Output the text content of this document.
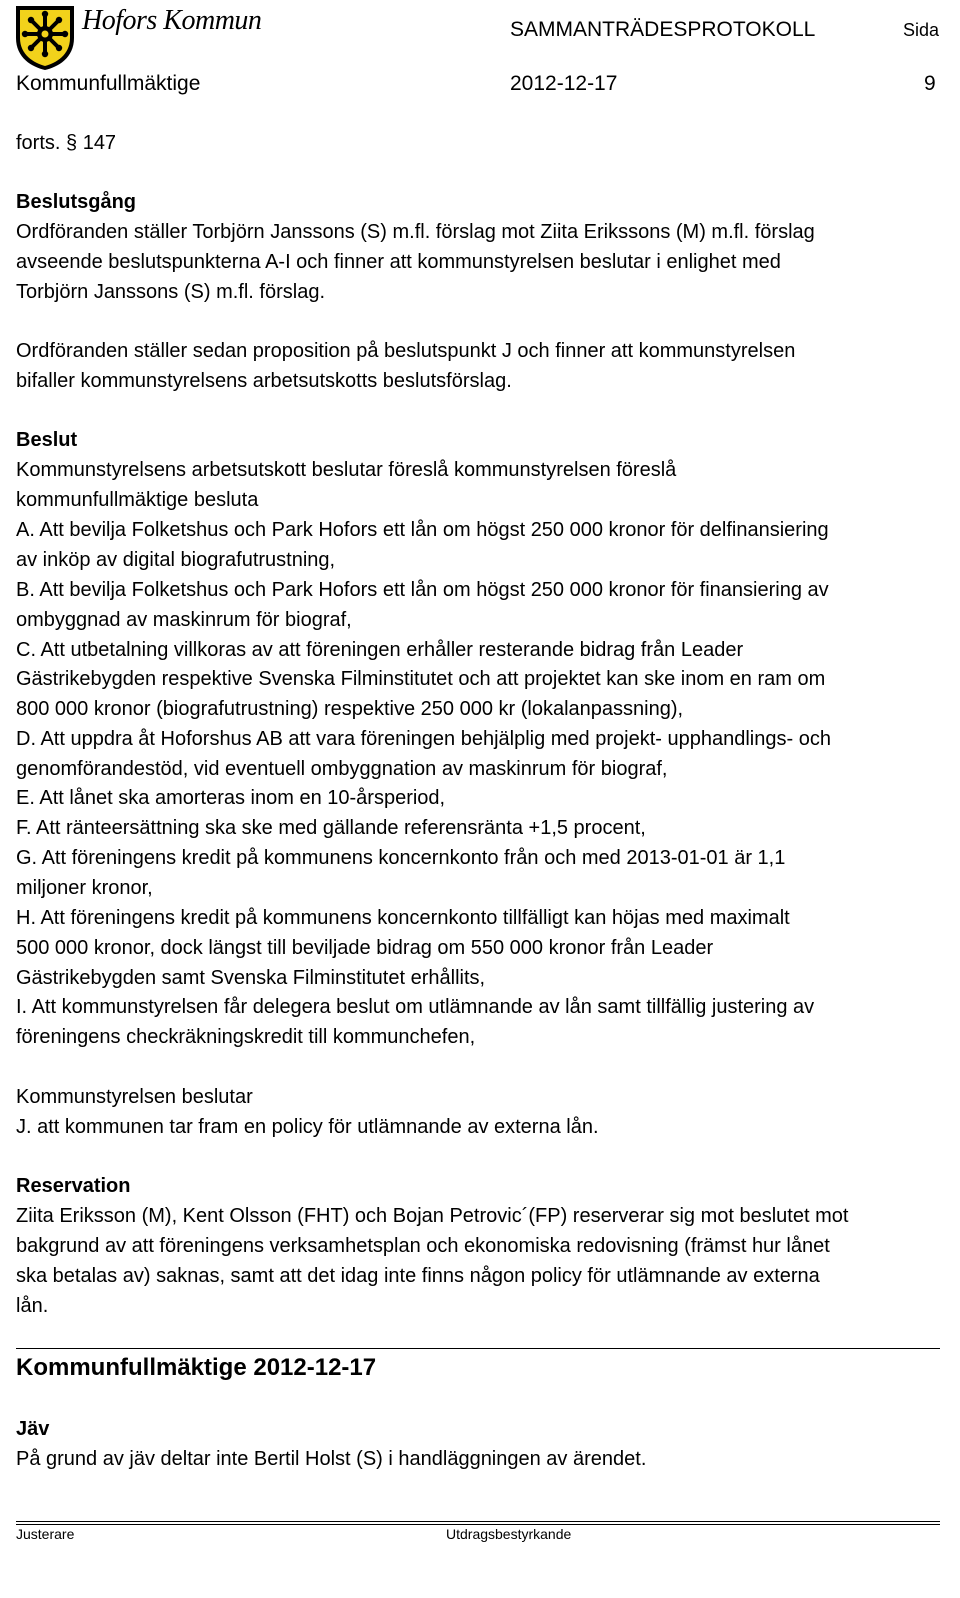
Hofors Kommun	SAMMANTRÄDESPROTOKOLL	Sida
Kommunfullmäktige	2012-12-17	9
forts. § 147
Beslutsgång
Ordföranden ställer Torbjörn Janssons (S) m.fl. förslag mot Ziita Erikssons (M) m.fl. förslag
avseende beslutspunkterna A-I och finner att kommunstyrelsen beslutar i enlighet med
Torbjörn Janssons (S) m.fl. förslag.
Ordföranden ställer sedan proposition på beslutspunkt J och finner att kommunstyrelsen
bifaller kommunstyrelsens arbetsutskotts beslutsförslag.
Beslut
Kommunstyrelsens arbetsutskott beslutar föreslå kommunstyrelsen föreslå
kommunfullmäktige besluta
A. Att bevilja Folketshus och Park Hofors ett lån om högst 250 000 kronor för delfinansiering
av inköp av digital biografutrustning,
B. Att bevilja Folketshus och Park Hofors ett lån om högst 250 000 kronor för finansiering av
ombyggnad av maskinrum för biograf,
C. Att utbetalning villkoras av att föreningen erhåller resterande bidrag från Leader
Gästrikebygden respektive Svenska Filminstitutet och att projektet kan ske inom en ram om
800 000 kronor (biografutrustning) respektive 250 000 kr (lokalanpassning),
D. Att uppdra åt Hoforshus AB att vara föreningen behjälplig med projekt- upphandlings- och
genomförandestöd, vid eventuell ombyggnation av maskinrum för biograf,
E. Att lånet ska amorteras inom en 10-årsperiod,
F. Att ränteersättning ska ske med gällande referensränta +1,5 procent,
G. Att föreningens kredit på kommunens koncernkonto från och med 2013-01-01 är 1,1
miljoner kronor,
H. Att föreningens kredit på kommunens koncernkonto tillfälligt kan höjas med maximalt
500 000 kronor, dock längst till beviljade bidrag om 550 000 kronor från Leader
Gästrikebygden samt Svenska Filminstitutet erhållits,
I. Att kommunstyrelsen får delegera beslut om utlämnande av lån samt tillfällig justering av
föreningens checkräkningskredit till kommunchefen,
Kommunstyrelsen beslutar
J. att kommunen tar fram en policy för utlämnande av externa lån.
Reservation
Ziita Eriksson (M), Kent Olsson (FHT) och Bojan Petrovic´(FP) reserverar sig mot beslutet mot
bakgrund av att föreningens verksamhetsplan och ekonomiska redovisning (främst hur lånet
ska betalas av) saknas, samt att det idag inte finns någon policy för utlämnande av externa
lån.
Kommunfullmäktige 2012-12-17
Jäv
På grund av jäv deltar inte Bertil Holst (S) i handläggningen av ärendet.
Justerare	Utdragsbestyrkande
